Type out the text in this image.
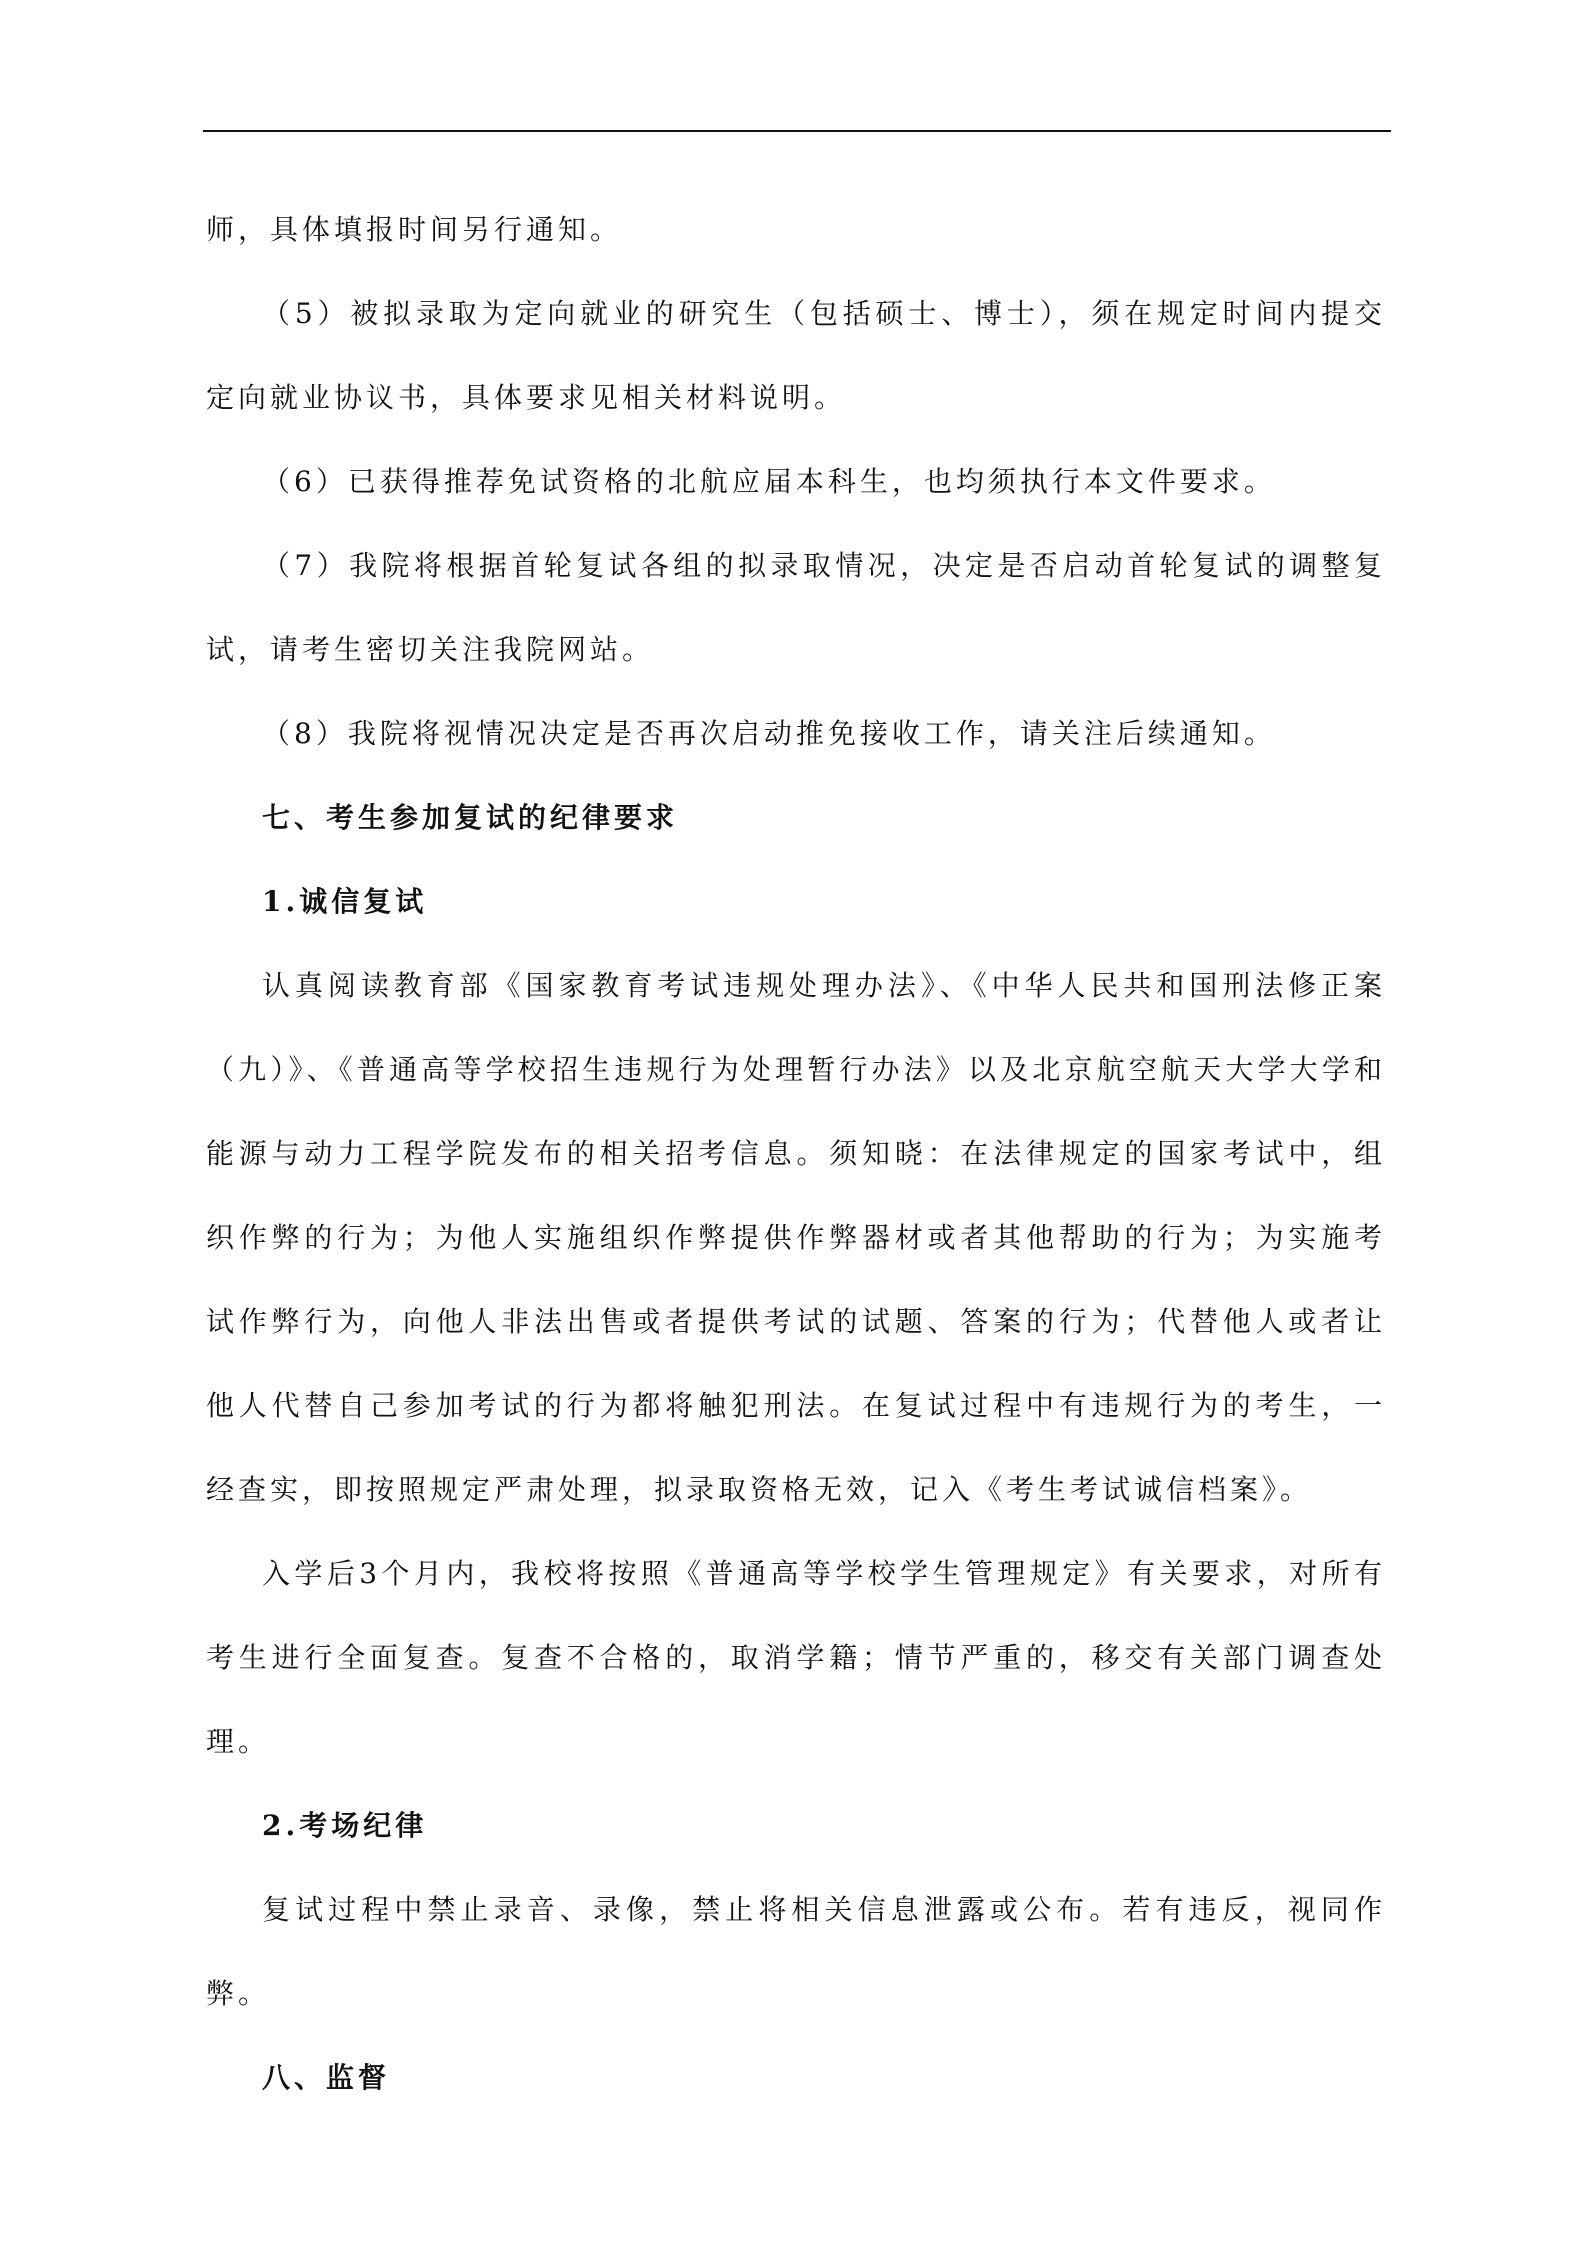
师，具体填报时间另行通知。

（5）被拟录取为定向就业的研究生（包括硕士、博士），须在规定时间内提交定向就业协议书，具体要求见相关材料说明。

（6）已获得推荐免试资格的北航应届本科生，也均须执行本文件要求。

（7）我院将根据首轮复试各组的拟录取情况，决定是否启动首轮复试的调整复试，请考生密切关注我院网站。

（8）我院将视情况决定是否再次启动推免接收工作，请关注后续通知。

七、考生参加复试的纪律要求

1.诚信复试

认真阅读教育部《国家教育考试违规处理办法》、《中华人民共和国刑法修正案（九）》、《普通高等学校招生违规行为处理暂行办法》以及北京航空航天大学大学和能源与动力工程学院发布的相关招考信息。须知晓：在法律规定的国家考试中，组织作弊的行为；为他人实施组织作弊提供作弊器材或者其他帮助的行为；为实施考试作弊行为，向他人非法出售或者提供考试的试题、答案的行为；代替他人或者让他人代替自己参加考试的行为都将触犯刑法。在复试过程中有违规行为的考生，一经查实，即按照规定严肃处理，拟录取资格无效，记入《考生考试诚信档案》。

入学后3个月内，我校将按照《普通高等学校学生管理规定》有关要求，对所有考生进行全面复查。复查不合格的，取消学籍；情节严重的，移交有关部门调查处理。

2.考场纪律

复试过程中禁止录音、录像，禁止将相关信息泄露或公布。若有违反，视同作弊。

八、监督
